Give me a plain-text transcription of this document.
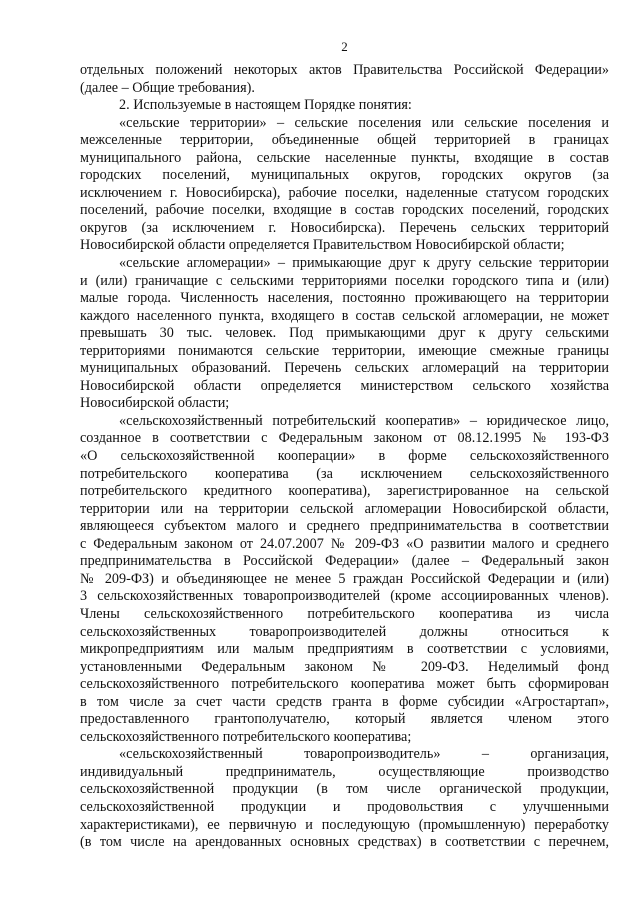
2
отдельных положений некоторых актов Правительства Российской Федерации»
(далее – Общие требования).
2. Используемые в настоящем Порядке понятия:
«сельские территории» – сельские поселения или сельские поселения и
межселенные территории, объединенные общей территорией в границах
муниципального района, сельские населенные пункты, входящие в состав
городских поселений, муниципальных округов, городских округов (за
исключением г. Новосибирска), рабочие поселки, наделенные статусом городских
поселений, рабочие поселки, входящие в состав городских поселений, городских
округов (за исключением г. Новосибирска). Перечень сельских территорий
Новосибирской области определяется Правительством Новосибирской области;
«сельские агломерации» – примыкающие друг к другу сельские территории
и (или) граничащие с сельскими территориями поселки городского типа и (или)
малые города. Численность населения, постоянно проживающего на территории
каждого населенного пункта, входящего в состав сельской агломерации, не может
превышать 30 тыс. человек. Под примыкающими друг к другу сельскими
территориями понимаются сельские территории, имеющие смежные границы
муниципальных образований. Перечень сельских агломераций на территории
Новосибирской области определяется министерством сельского хозяйства
Новосибирской области;
«сельскохозяйственный потребительский кооператив» – юридическое лицо,
созданное в соответствии с Федеральным законом от 08.12.1995 № 193-ФЗ
«О сельскохозяйственной кооперации» в форме сельскохозяйственного
потребительского кооператива (за исключением сельскохозяйственного
потребительского кредитного кооператива), зарегистрированное на сельской
территории или на территории сельской агломерации Новосибирской области,
являющееся субъектом малого и среднего предпринимательства в соответствии
с Федеральным законом от 24.07.2007 № 209-ФЗ «О развитии малого и среднего
предпринимательства в Российской Федерации» (далее – Федеральный закон
№ 209-ФЗ) и объединяющее не менее 5 граждан Российской Федерации и (или)
3 сельскохозяйственных товаропроизводителей (кроме ассоциированных членов).
Члены сельскохозяйственного потребительского кооператива из числа
сельскохозяйственных товаропроизводителей должны относиться к
микропредприятиям или малым предприятиям в соответствии с условиями,
установленными Федеральным законом № 209-ФЗ. Неделимый фонд
сельскохозяйственного потребительского кооператива может быть сформирован
в том числе за счет части средств гранта в форме субсидии «Агростартап»,
предоставленного грантополучателю, который является членом этого
сельскохозяйственного потребительского кооператива;
«сельскохозяйственный товаропроизводитель» – организация,
индивидуальный предприниматель, осуществляющие производство
сельскохозяйственной продукции (в том числе органической продукции,
сельскохозяйственной продукции и продовольствия с улучшенными
характеристиками), ее первичную и последующую (промышленную) переработку
(в том числе на арендованных основных средствах) в соответствии с перечнем,
